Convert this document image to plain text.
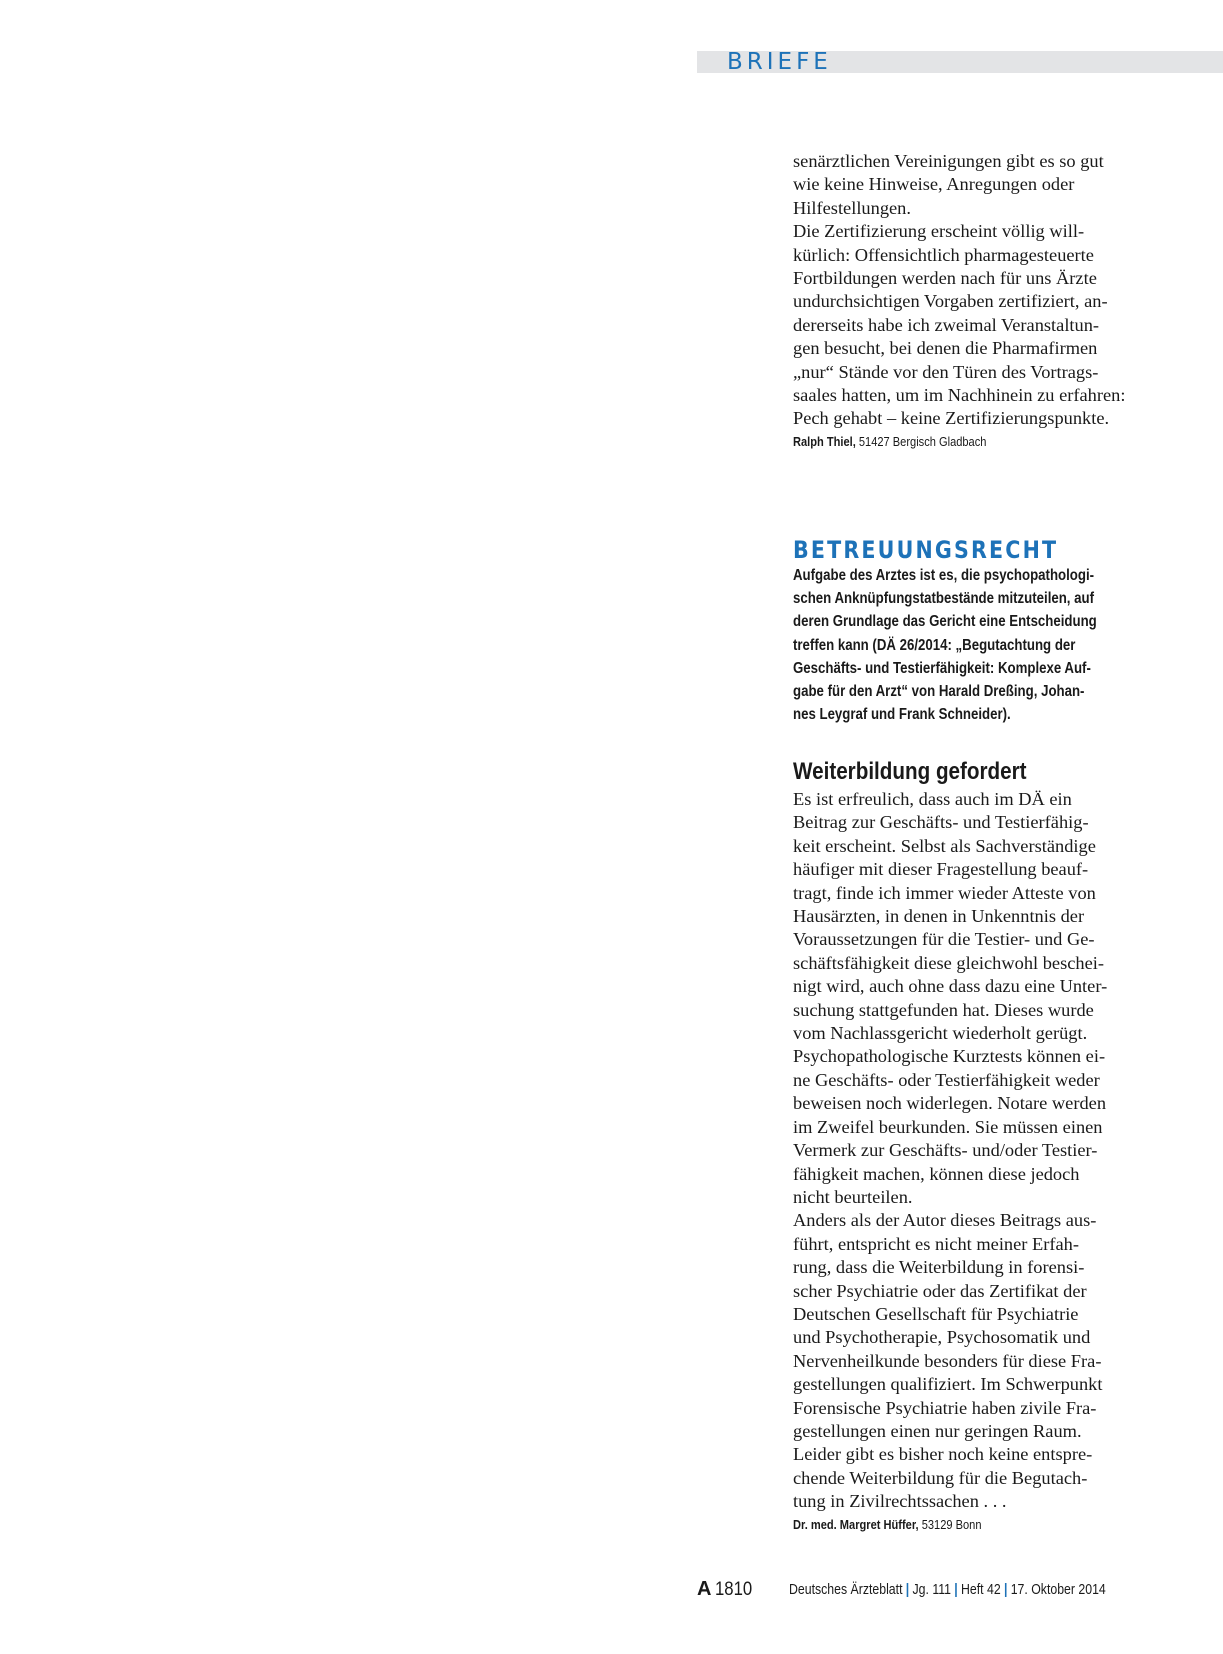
BRIEFE

senärztlichen Vereinigungen gibt es so gut
wie keine Hinweise, Anregungen oder
Hilfestellungen.
Die Zertifizierung erscheint völlig will-
kürlich: Offensichtlich pharmagesteuerte
Fortbildungen werden nach für uns Ärzte
undurchsichtigen Vorgaben zertifiziert, an-
dererseits habe ich zweimal Veranstaltun-
gen besucht, bei denen die Pharmafirmen
„nur“ Stände vor den Türen des Vortrags-
saales hatten, um im Nachhinein zu erfahren:
Pech gehabt – keine Zertifizierungspunkte.

Ralph Thiel, 51427 Bergisch Gladbach

BETREUUNGSRECHT

Aufgabe des Arztes ist es, die psychopathologi-
schen Anknüpfungstatbestände mitzuteilen, auf
deren Grundlage das Gericht eine Entscheidung
treffen kann (DÄ 26/2014: „Begutachtung der
Geschäfts- und Testierfähigkeit: Komplexe Auf-
gabe für den Arzt“ von Harald Dreßing, Johan-
nes Leygraf und Frank Schneider).

Weiterbildung gefordert

Es ist erfreulich, dass auch im DÄ ein
Beitrag zur Geschäfts- und Testierfähig-
keit erscheint. Selbst als Sachverständige
häufiger mit dieser Fragestellung beauf-
tragt, finde ich immer wieder Atteste von
Hausärzten, in denen in Unkenntnis der
Voraussetzungen für die Testier- und Ge-
schäftsfähigkeit diese gleichwohl beschei-
nigt wird, auch ohne dass dazu eine Unter-
suchung stattgefunden hat. Dieses wurde
vom Nachlassgericht wiederholt gerügt.
Psychopathologische Kurztests können ei-
ne Geschäfts- oder Testierfähigkeit weder
beweisen noch widerlegen. Notare werden
im Zweifel beurkunden. Sie müssen einen
Vermerk zur Geschäfts- und/oder Testier-
fähigkeit machen, können diese jedoch
nicht beurteilen.
Anders als der Autor dieses Beitrags aus-
führt, entspricht es nicht meiner Erfah-
rung, dass die Weiterbildung in forensi-
scher Psychiatrie oder das Zertifikat der
Deutschen Gesellschaft für Psychiatrie
und Psychotherapie, Psychosomatik und
Nervenheilkunde besonders für diese Fra-
gestellungen qualifiziert. Im Schwerpunkt
Forensische Psychiatrie haben zivile Fra-
gestellungen einen nur geringen Raum.
Leider gibt es bisher noch keine entspre-
chende Weiterbildung für die Begutach-
tung in Zivilrechtssachen . . .

Dr. med. Margret Hüffer, 53129 Bonn

A 1810 Deutsches Ärzteblatt | Jg. 111 | Heft 42 | 17. Oktober 2014
